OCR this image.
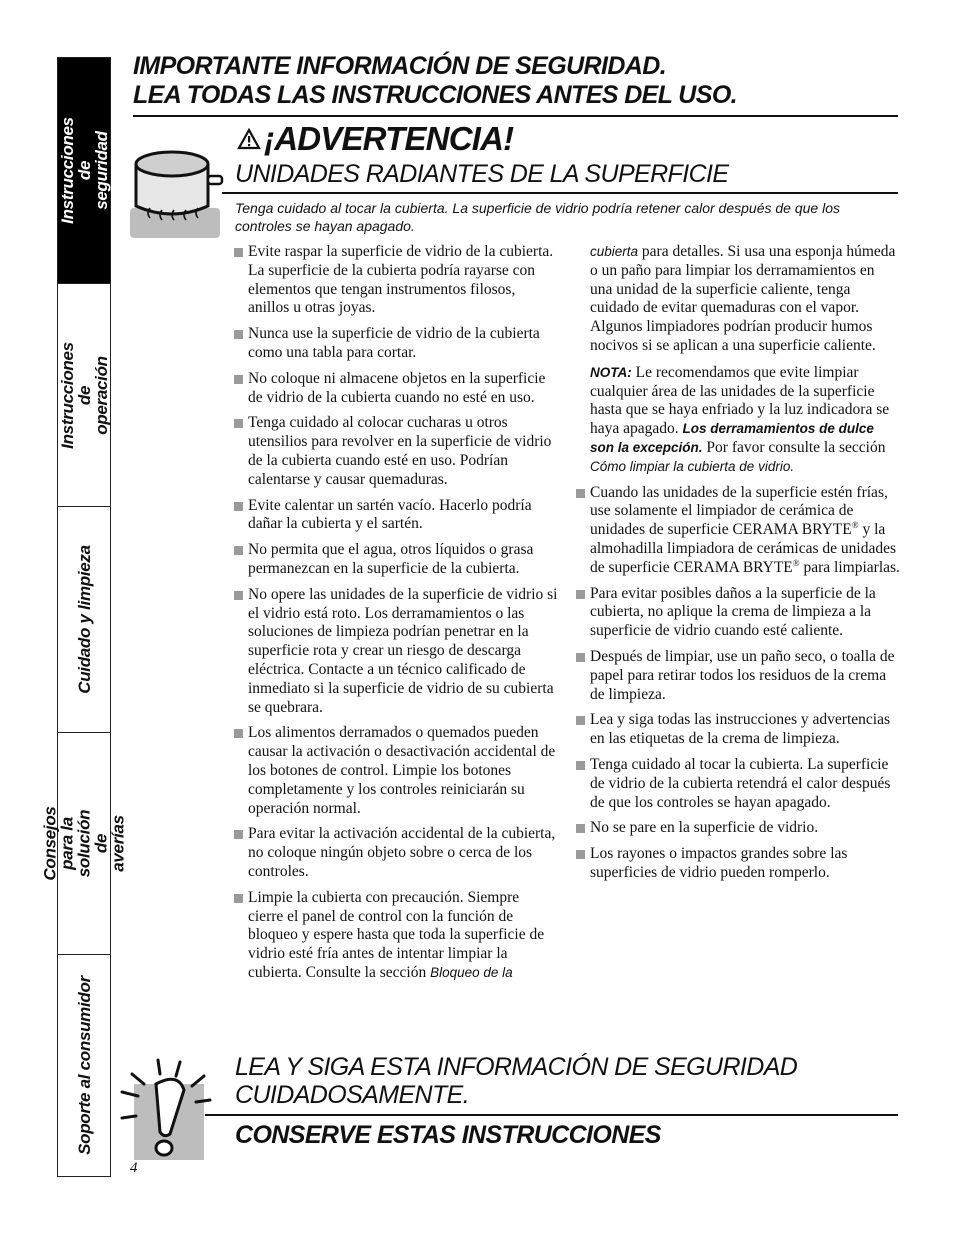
Instrucciones de
seguridad
Instrucciones de
operación
Cuidado y limpieza
Consejos para la
solución de averías
Soporte al consumidor
IMPORTANTE INFORMACIÓN DE SEGURIDAD.
LEA TODAS LAS INSTRUCCIONES ANTES DEL USO.
¡ADVERTENCIA!
UNIDADES RADIANTES DE LA SUPERFICIE
Tenga cuidado al tocar la cubierta. La superficie de vidrio podría retener calor después de que los controles se hayan apagado.
Evite raspar la superficie de vidrio de la cubierta. La superficie de la cubierta podría rayarse con elementos que tengan instrumentos filosos, anillos u otras joyas.
Nunca use la superficie de vidrio de la cubierta como una tabla para cortar.
No coloque ni almacene objetos en la superficie de vidrio de la cubierta cuando no esté en uso.
Tenga cuidado al colocar cucharas u otros utensilios para revolver en la superficie de vidrio de la cubierta cuando esté en uso. Podrían calentarse y causar quemaduras.
Evite calentar un sartén vacío. Hacerlo podría dañar la cubierta y el sartén.
No permita que el agua, otros líquidos o grasa permanezcan en la superficie de la cubierta.
No opere las unidades de la superficie de vidrio si el vidrio está roto. Los derramamientos o las soluciones de limpieza podrían penetrar en la superficie rota y crear un riesgo de descarga eléctrica. Contacte a un técnico calificado de inmediato si la superficie de vidrio de su cubierta se quebrara.
Los alimentos derramados o quemados pueden causar la activación o desactivación accidental de los botones de control. Limpie los botones completamente y los controles reiniciarán su operación normal.
Para evitar la activación accidental de la cubierta, no coloque ningún objeto sobre o cerca de los controles.
Limpie la cubierta con precaución. Siempre cierre el panel de control con la función de bloqueo y espere hasta que toda la superficie de vidrio esté fría antes de intentar limpiar la cubierta. Consulte la sección Bloqueo de la
cubierta para detalles. Si usa una esponja húmeda o un paño para limpiar los derramamientos en una unidad de la superficie caliente, tenga cuidado de evitar quemaduras con el vapor. Algunos limpiadores podrían producir humos nocivos si se aplican a una superficie caliente.
NOTA: Le recomendamos que evite limpiar cualquier área de las unidades de la superficie hasta que se haya enfriado y la luz indicadora se haya apagado. Los derramamientos de dulce son la excepción. Por favor consulte la sección Cómo limpiar la cubierta de vidrio.
Cuando las unidades de la superficie estén frías, use solamente el limpiador de cerámica de unidades de superficie CERAMA BRYTE® y la almohadilla limpiadora de cerámicas de unidades de superficie CERAMA BRYTE® para limpiarlas.
Para evitar posibles daños a la superficie de la cubierta, no aplique la crema de limpieza a la superficie de vidrio cuando esté caliente.
Después de limpiar, use un paño seco, o toalla de papel para retirar todos los residuos de la crema de limpieza.
Lea y siga todas las instrucciones y advertencias en las etiquetas de la crema de limpieza.
Tenga cuidado al tocar la cubierta. La superficie de vidrio de la cubierta retendrá el calor después de que los controles se hayan apagado.
No se pare en la superficie de vidrio.
Los rayones o impactos grandes sobre las superficies de vidrio pueden romperlo.
LEA Y SIGA ESTA INFORMACIÓN DE SEGURIDAD
CUIDADOSAMENTE.
CONSERVE ESTAS INSTRUCCIONES
4
